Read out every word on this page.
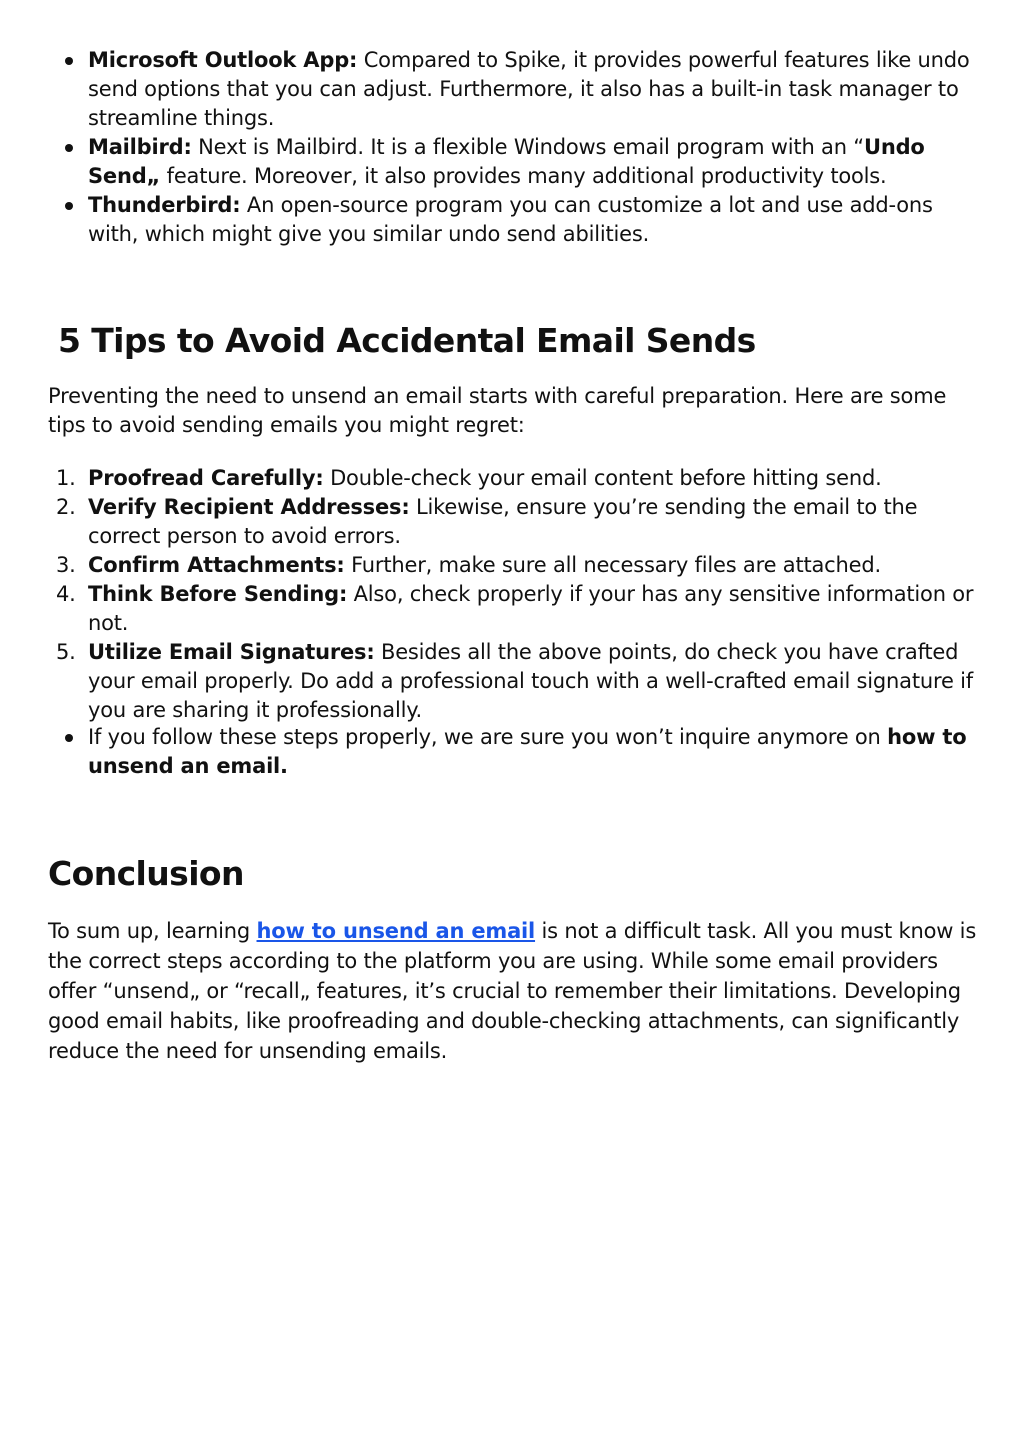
Microsoft Outlook App: Compared to Spike, it provides powerful features like undo send options that you can adjust. Furthermore, it also has a built-in task manager to streamline things.
Mailbird: Next is Mailbird. It is a flexible Windows email program with an “Undo Send„ feature. Moreover, it also provides many additional productivity tools.
Thunderbird: An open-source program you can customize a lot and use add-ons with, which might give you similar undo send abilities.
5 Tips to Avoid Accidental Email Sends

Preventing the need to unsend an email starts with careful preparation. Here are some tips to avoid sending emails you might regret:

1. Proofread Carefully: Double-check your email content before hitting send.
2. Verify Recipient Addresses: Likewise, ensure you’re sending the email to the correct person to avoid errors.
3. Confirm Attachments: Further, make sure all necessary files are attached.
4. Think Before Sending: Also, check properly if your has any sensitive information or not.
5. Utilize Email Signatures: Besides all the above points, do check you have crafted your email properly. Do add a professional touch with a well-crafted email signature if you are sharing it professionally.
If you follow these steps properly, we are sure you won’t inquire anymore on how to unsend an email.
Conclusion

To sum up, learning how to unsend an email is not a difficult task. All you must know is the correct steps according to the platform you are using. While some email providers offer “unsend„ or “recall„ features, it’s crucial to remember their limitations. Developing good email habits, like proofreading and double-checking attachments, can significantly reduce the need for unsending emails.
